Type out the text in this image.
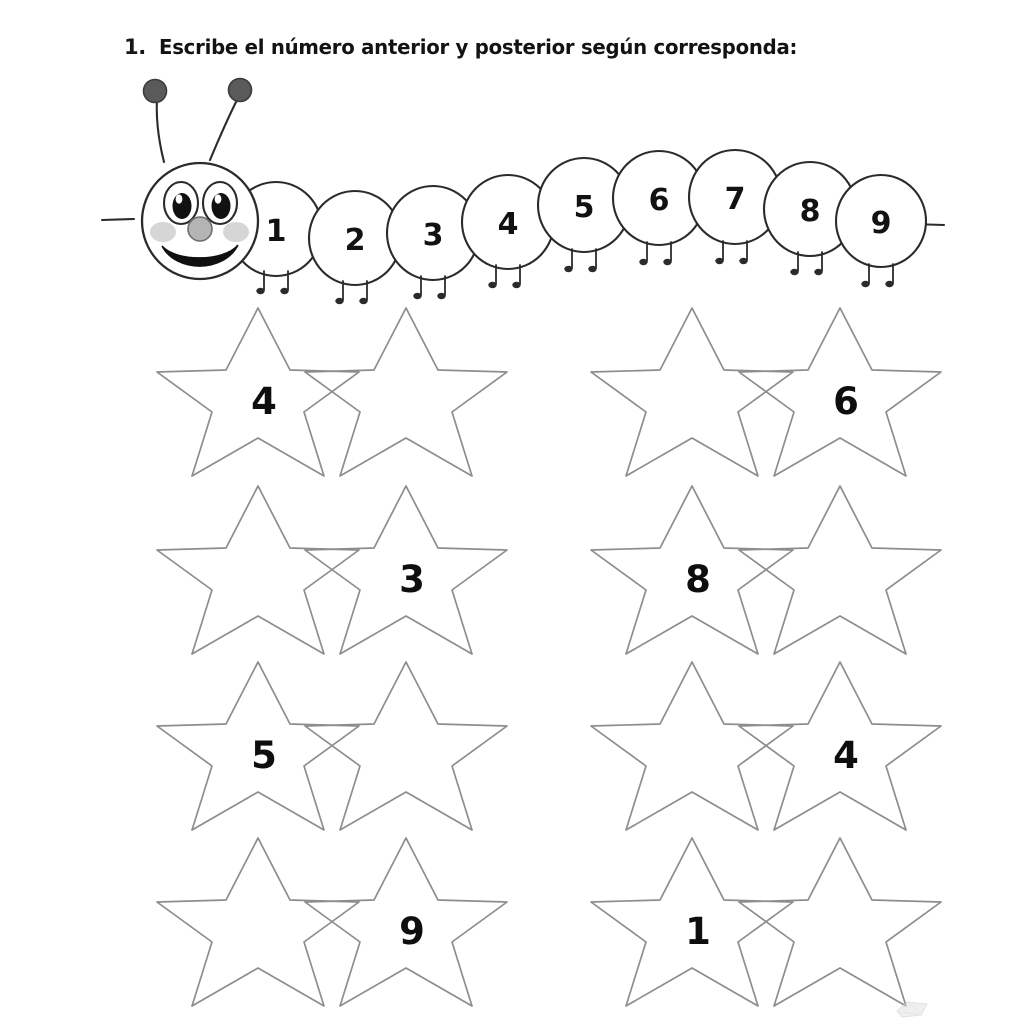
1. Escribe el número anterior y posterior según corresponda:
1 2 3 4 5 6 7 8 9
4	6
3	8
5	4
9	1
